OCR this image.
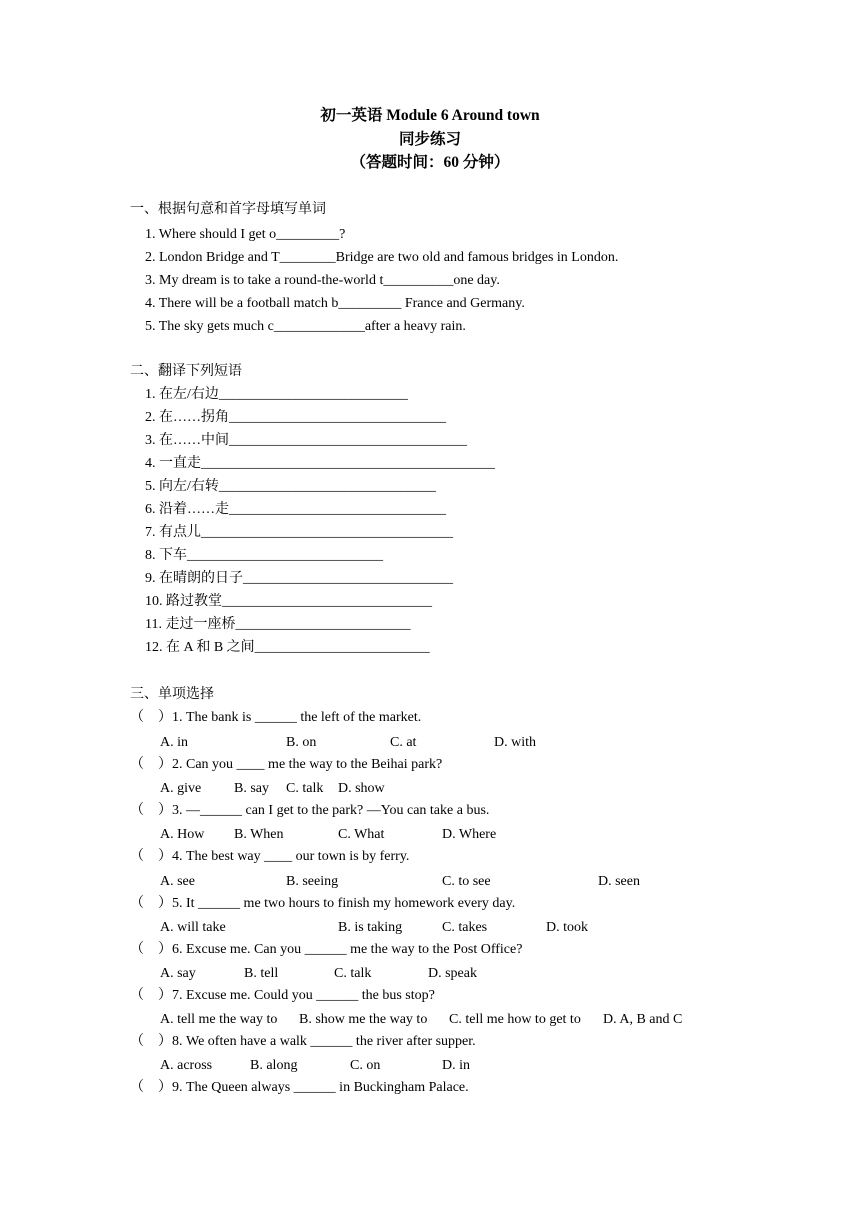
初一英语 Module 6 Around town
同步练习
（答题时间：60 分钟）
一、根据句意和首字母填写单词
1. Where should I get o_________?
2. London Bridge and T________Bridge are two old and famous bridges in London.
3. My dream is to take a round-the-world t__________one day.
4. There will be a football match b_________ France and Germany.
5. The sky gets much c_____________after a heavy rain.
二、翻译下列短语
1. 在左/右边___________________________
2. 在……拐角_______________________________
3. 在……中间__________________________________
4. 一直走__________________________________________
5. 向左/右转_______________________________
6. 沿着……走_______________________________
7. 有点儿____________________________________
8. 下车____________________________
9. 在晴朗的日子______________________________
10. 路过教堂______________________________
11. 走过一座桥_________________________
12. 在 A 和 B 之间_________________________
三、单项选择
（　）1. The bank is ______ the left of the market.
A. in	B. on	C. at	D. with
（　）2. Can you ____ me the way to the Beihai park?
A. give B. say C. talk D. show
（　）3. —______ can I get to the park? —You can take a bus.
A. How B. When	C. What	D. Where
（　）4. The best way ____ our town is by ferry.
A. see	B. seeing	C. to see	D. seen
（　）5. It ______ me two hours to finish my homework every day.
A. will take	B. is taking	C. takes	D. took
（　）6. Excuse me. Can you ______ me the way to the Post Office?
A. say	B. tell	C. talk	D. speak
（　）7. Excuse me. Could you ______ the bus stop?
A. tell me the way to B. show me the way to C. tell me how to get to D. A, B and C
（　）8. We often have a walk ______ the river after supper.
A. across	B. along	C. on	D. in
（　）9. The Queen always ______ in Buckingham Palace.
